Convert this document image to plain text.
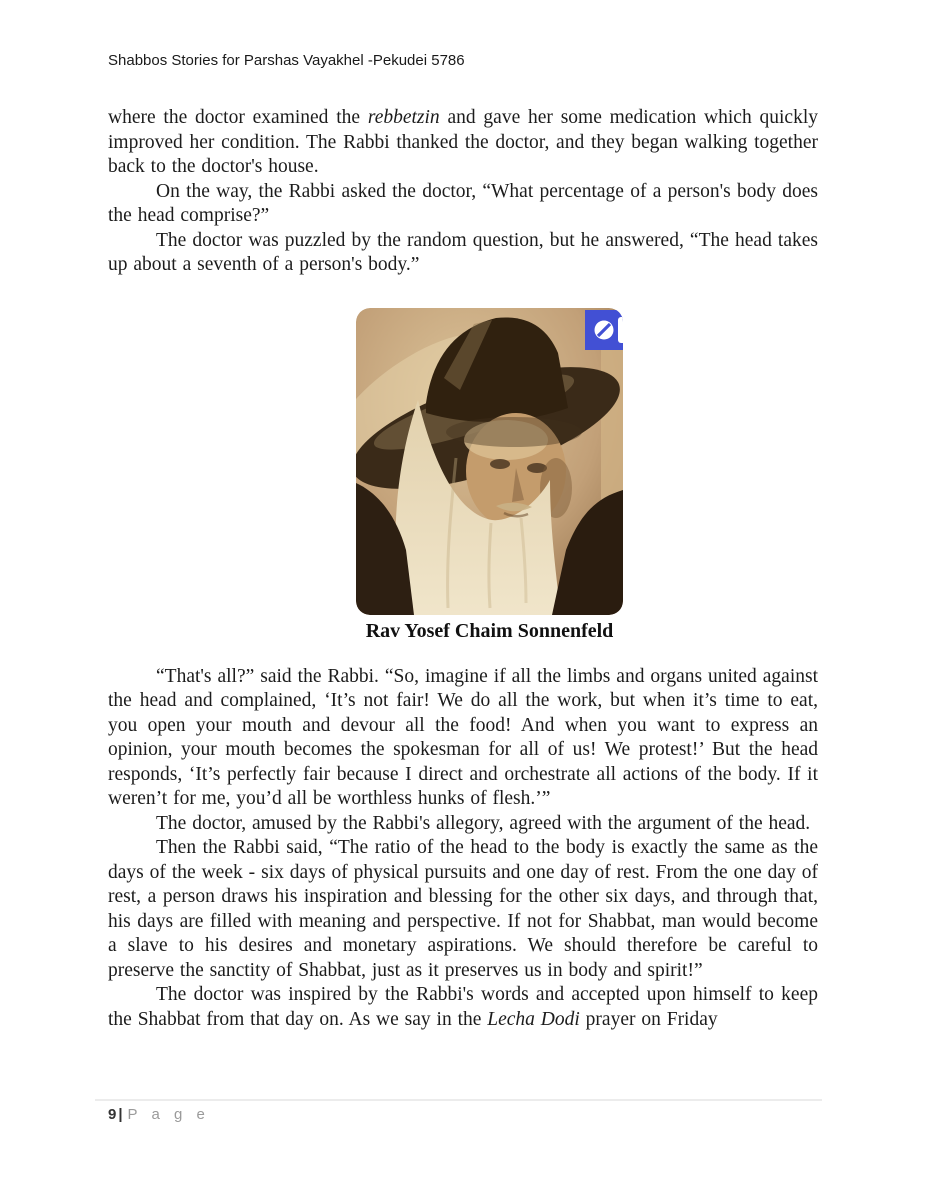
Shabbos Stories for Parshas Vayakhel -Pekudei 5786

where the doctor examined the rebbetzin and gave her some medication which quickly improved her condition. The Rabbi thanked the doctor, and they began walking together back to the doctor's house.

On the way, the Rabbi asked the doctor, “What percentage of a person's body does the head comprise?”

The doctor was puzzled by the random question, but he answered, “The head takes up about a seventh of a person's body.”

Rav Yosef Chaim Sonnenfeld

“That's all?” said the Rabbi. “So, imagine if all the limbs and organs united against the head and complained, ‘It’s not fair! We do all the work, but when it’s time to eat, you open your mouth and devour all the food! And when you want to express an opinion, your mouth becomes the spokesman for all of us! We protest!’ But the head responds, ‘It’s perfectly fair because I direct and orchestrate all actions of the body. If it weren’t for me, you’d all be worthless hunks of flesh.’”

The doctor, amused by the Rabbi's allegory, agreed with the argument of the head.

Then the Rabbi said, “The ratio of the head to the body is exactly the same as the days of the week - six days of physical pursuits and one day of rest. From the one day of rest, a person draws his inspiration and blessing for the other six days, and through that, his days are filled with meaning and perspective. If not for Shabbat, man would become a slave to his desires and monetary aspirations. We should therefore be careful to preserve the sanctity of Shabbat, just as it preserves us in body and spirit!”

The doctor was inspired by the Rabbi's words and accepted upon himself to keep the Shabbat from that day on. As we say in the Lecha Dodi prayer on Friday

9 | P a g e
